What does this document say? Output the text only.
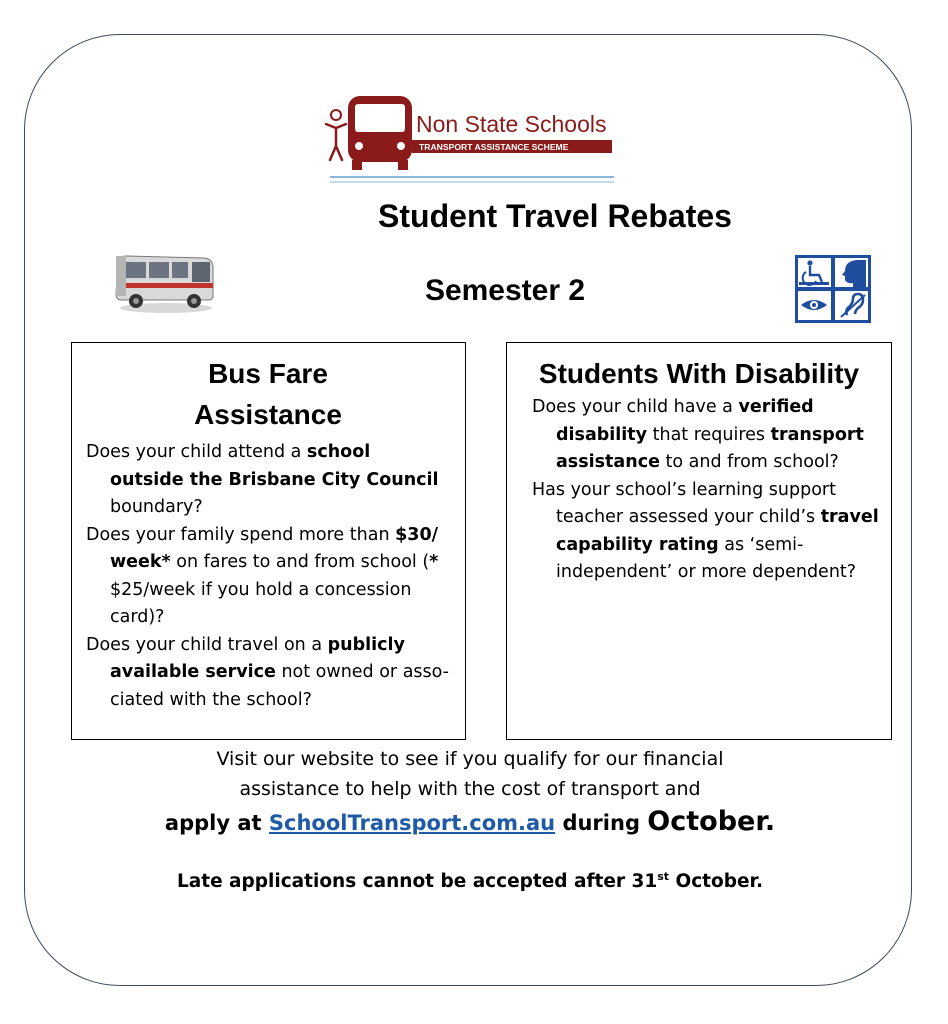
Non State Schools
TRANSPORT ASSISTANCE SCHEME
Student Travel Rebates
Semester 2
Bus Fare
Assistance
Does your child attend a school outside the Brisbane City Council boundary?
Does your family spend more than $30/ week* on fares to and from school (* $25/week if you hold a concession card)?
Does your child travel on a publicly available service not owned or asso-ciated with the school?
Students With Disability
Does your child have a verified disability that requires transport assistance to and from school?
Has your school’s learning support teacher assessed your child’s travel capability rating as ‘semi-independent’ or more dependent?
Visit our website to see if you qualify for our financial
assistance to help with the cost of transport and
apply at SchoolTransport.com.au during October.
Late applications cannot be accepted after 31st October.
